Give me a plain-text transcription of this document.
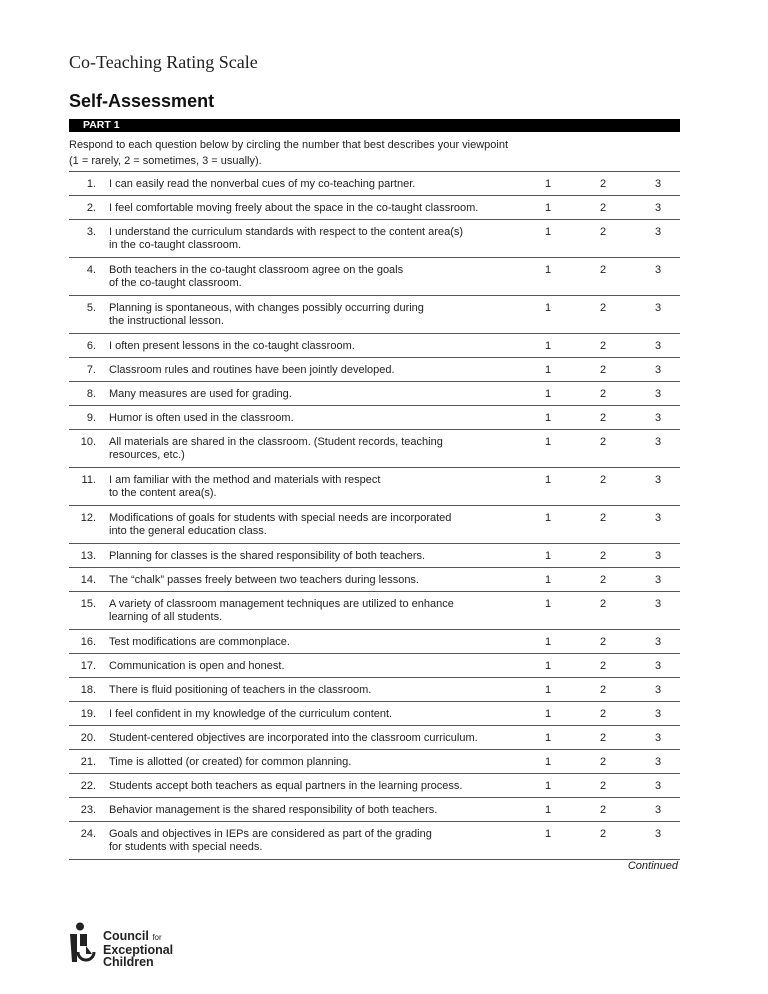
Co-Teaching Rating Scale
Self-Assessment
PART 1
Respond to each question below by circling the number that best describes your viewpoint
(1 = rarely, 2 = sometimes, 3 = usually).
1. I can easily read the nonverbal cues of my co-teaching partner.	1	2	3
2. I feel comfortable moving freely about the space in the co-taught classroom.	1	2	3
3. I understand the curriculum standards with respect to the content area(s)
in the co-taught classroom.
1	2	3
4. Both teachers in the co-taught classroom agree on the goals
of the co-taught classroom.
1	2	3
5. Planning is spontaneous, with changes possibly occurring during
the instructional lesson.
1	2	3
6. I often present lessons in the co-taught classroom.	1	2	3
7. Classroom rules and routines have been jointly developed.	1	2	3
8. Many measures are used for grading.	1	2	3
9. Humor is often used in the classroom.	1	2	3
10. All materials are shared in the classroom. (Student records, teaching
resources, etc.)
1	2	3
11. I am familiar with the method and materials with respect
to the content area(s).
1	2	3
12. Modifications of goals for students with special needs are incorporated
into the general education class.
1	2	3
13. Planning for classes is the shared responsibility of both teachers.	1	2	3
14. The “chalk” passes freely between two teachers during lessons.	1	2	3
15. A variety of classroom management techniques are utilized to enhance
learning of all students.
1	2	3
16. Test modifications are commonplace.	1	2	3
17. Communication is open and honest.	1	2	3
18. There is fluid positioning of teachers in the classroom.	1	2	3
19. I feel confident in my knowledge of the curriculum content.	1	2	3
20. Student-centered objectives are incorporated into the classroom curriculum.	1	2	3
21. Time is allotted (or created) for common planning.	1	2	3
22. Students accept both teachers as equal partners in the learning process.	1	2	3
23. Behavior management is the shared responsibility of both teachers.	1	2	3
24. Goals and objectives in IEPs are considered as part of the grading
for students with special needs.
1	2	3
Continued
Council for
Exceptional
Children
